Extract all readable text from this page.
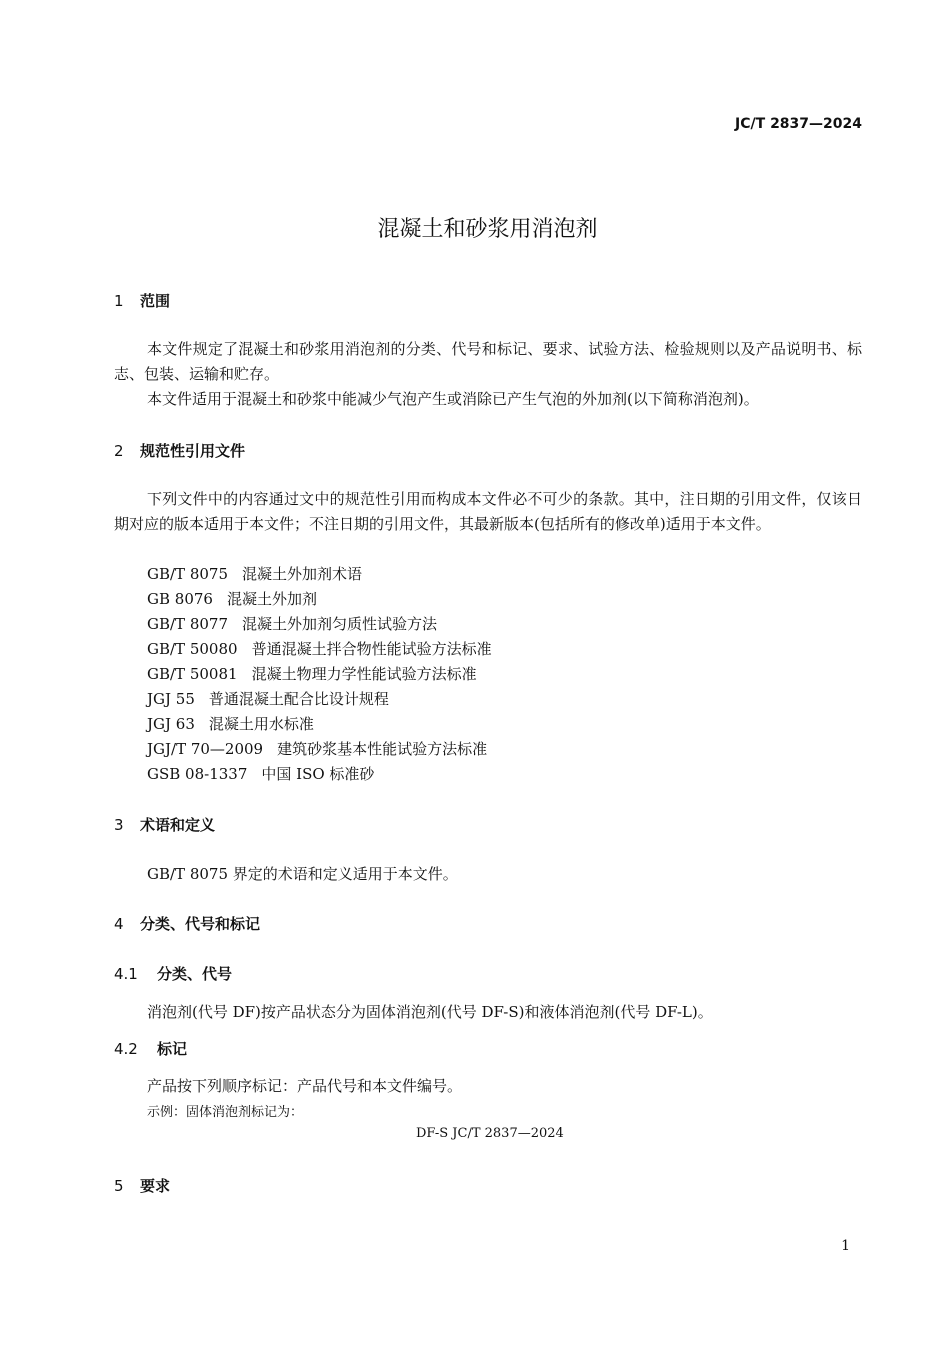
JC/T 2837—2024
混凝土和砂浆用消泡剂
1 范围

本文件规定了混凝土和砂浆用消泡剂的分类、代号和标记、要求、试验方法、检验规则以及产品说明书、标志、包装、运输和贮存。

本文件适用于混凝土和砂浆中能减少气泡产生或消除已产生气泡的外加剂(以下简称消泡剂)。

2 规范性引用文件

下列文件中的内容通过文中的规范性引用而构成本文件必不可少的条款。其中，注日期的引用文件，仅该日期对应的版本适用于本文件；不注日期的引用文件，其最新版本(包括所有的修改单)适用于本文件。

GB/T 8075 混凝土外加剂术语
GB 8076 混凝土外加剂
GB/T 8077 混凝土外加剂匀质性试验方法
GB/T 50080 普通混凝土拌合物性能试验方法标准
GB/T 50081 混凝土物理力学性能试验方法标准
JGJ 55 普通混凝土配合比设计规程
JGJ 63 混凝土用水标准
JGJ/T 70—2009 建筑砂浆基本性能试验方法标准
GSB 08-1337 中国 ISO 标准砂
3 术语和定义
GB/T 8075 界定的术语和定义适用于本文件。
4 分类、代号和标记
4.1 分类、代号
消泡剂(代号 DF)按产品状态分为固体消泡剂(代号 DF-S)和液体消泡剂(代号 DF-L)。
4.2 标记
产品按下列顺序标记：产品代号和本文件编号。
示例：固体消泡剂标记为：
DF-S JC/T 2837—2024
5 要求
1
